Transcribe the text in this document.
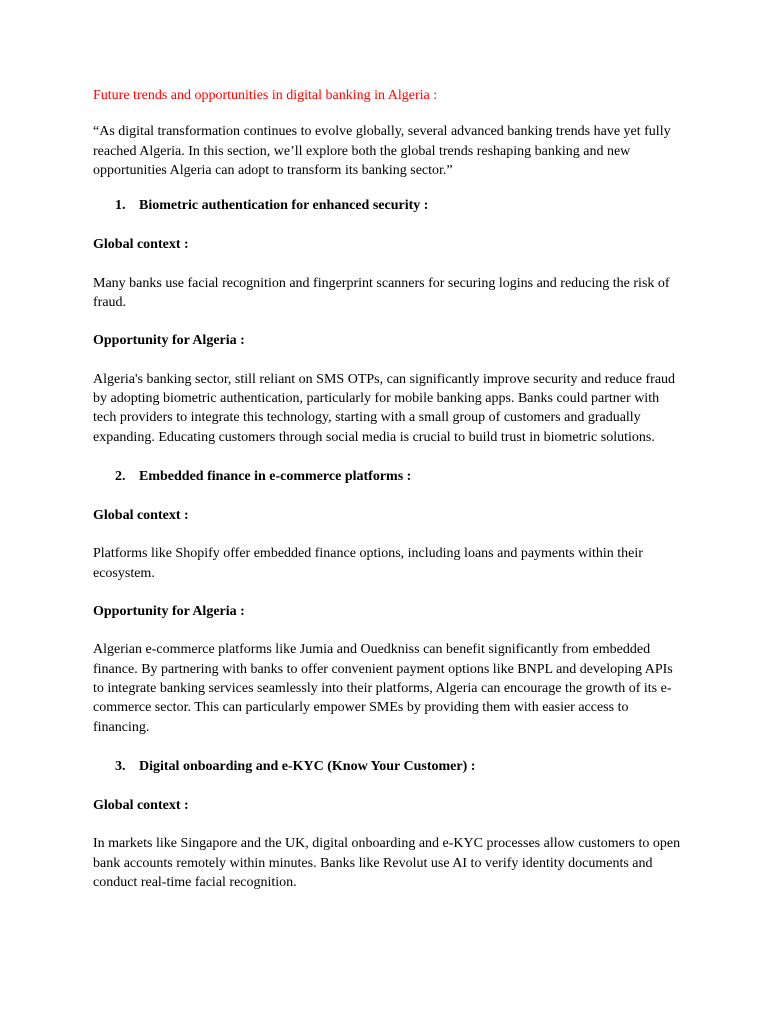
Future trends and opportunities in digital banking in Algeria :

“As digital transformation continues to evolve globally, several advanced banking trends have yet fully reached Algeria. In this section, we’ll explore both the global trends reshaping banking and new opportunities Algeria can adopt to transform its banking sector.”

1. Biometric authentication for enhanced security :

Global context :

Many banks use facial recognition and fingerprint scanners for securing logins and reducing the risk of fraud.

Opportunity for Algeria :

Algeria's banking sector, still reliant on SMS OTPs, can significantly improve security and reduce fraud by adopting biometric authentication, particularly for mobile banking apps. Banks could partner with tech providers to integrate this technology, starting with a small group of customers and gradually expanding. Educating customers through social media is crucial to build trust in biometric solutions.

2. Embedded finance in e-commerce platforms :

Global context :

Platforms like Shopify offer embedded finance options, including loans and payments within their ecosystem.

Opportunity for Algeria :

Algerian e-commerce platforms like Jumia and Ouedkniss can benefit significantly from embedded finance. By partnering with banks to offer convenient payment options like BNPL and developing APIs to integrate banking services seamlessly into their platforms, Algeria can encourage the growth of its e-commerce sector. This can particularly empower SMEs by providing them with easier access to financing.

3. Digital onboarding and e-KYC (Know Your Customer) :

Global context :

In markets like Singapore and the UK, digital onboarding and e-KYC processes allow customers to open bank accounts remotely within minutes. Banks like Revolut use AI to verify identity documents and conduct real-time facial recognition.
